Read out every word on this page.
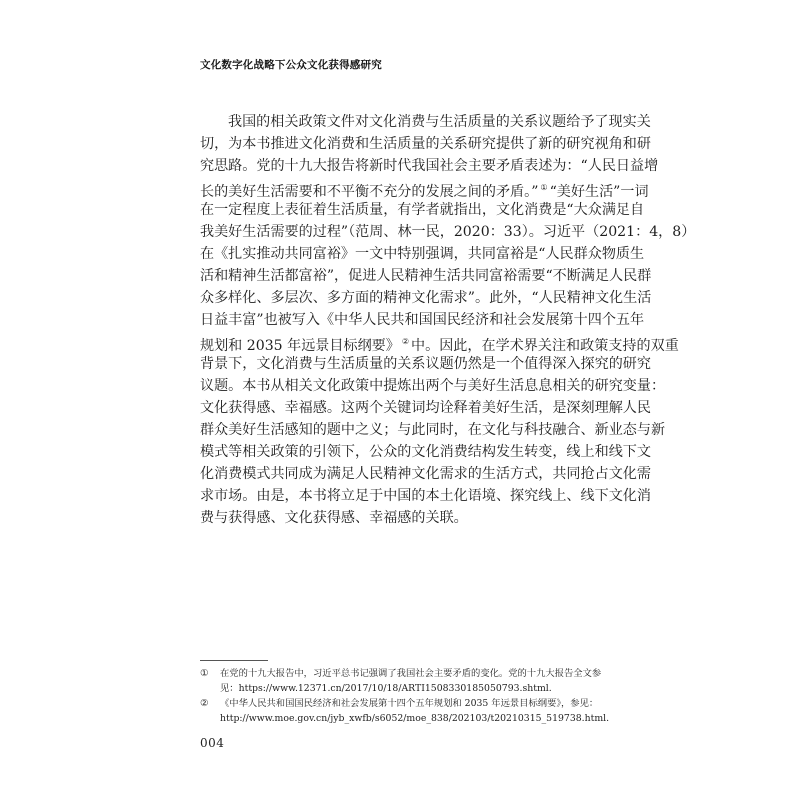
文化数字化战略下公众文化获得感研究
我国的相关政策文件对文化消费与生活质量的关系议题给予了现实关
切，为本书推进文化消费和生活质量的关系研究提供了新的研究视角和研
究思路。党的十九大报告将新时代我国社会主要矛盾表述为：“人民日益增
长的美好生活需要和不平衡不充分的发展之间的矛盾。” ① “美好生活”一词
在一定程度上表征着生活质量，有学者就指出，文化消费是“大众满足自
我美好生活需要的过程”（范周、林一民，2020：33）。习近平（2021：4，8）
在《扎实推动共同富裕》一文中特别强调，共同富裕是“人民群众物质生
活和精神生活都富裕”，促进人民精神生活共同富裕需要“不断满足人民群
众多样化、多层次、多方面的精神文化需求”。此外，“人民精神文化生活
日益丰富”也被写入《中华人民共和国国民经济和社会发展第十四个五年
规划和 2035 年远景目标纲要》 ② 中。因此，在学术界关注和政策支持的双重
背景下，文化消费与生活质量的关系议题仍然是一个值得深入探究的研究
议题。本书从相关文化政策中提炼出两个与美好生活息息相关的研究变量：
文化获得感、幸福感。这两个关键词均诠释着美好生活，是深刻理解人民
群众美好生活感知的题中之义；与此同时，在文化与科技融合、新业态与新
模式等相关政策的引领下，公众的文化消费结构发生转变，线上和线下文
化消费模式共同成为满足人民精神文化需求的生活方式，共同抢占文化需
求市场。由是，本书将立足于中国的本土化语境、探究线上、线下文化消
费与获得感、文化获得感、幸福感的关联。
① 在党的十九大报告中，习近平总书记强调了我国社会主要矛盾的变化。党的十九大报告全文参
见：https://www.12371.cn/2017/10/18/ARTI1508330185050793.shtml.
② 《中华人民共和国国民经济和社会发展第十四个五年规划和 2035 年远景目标纲要》，参见：
http://www.moe.gov.cn/jyb_xwfb/s6052/moe_838/202103/t20210315_519738.html.
004
